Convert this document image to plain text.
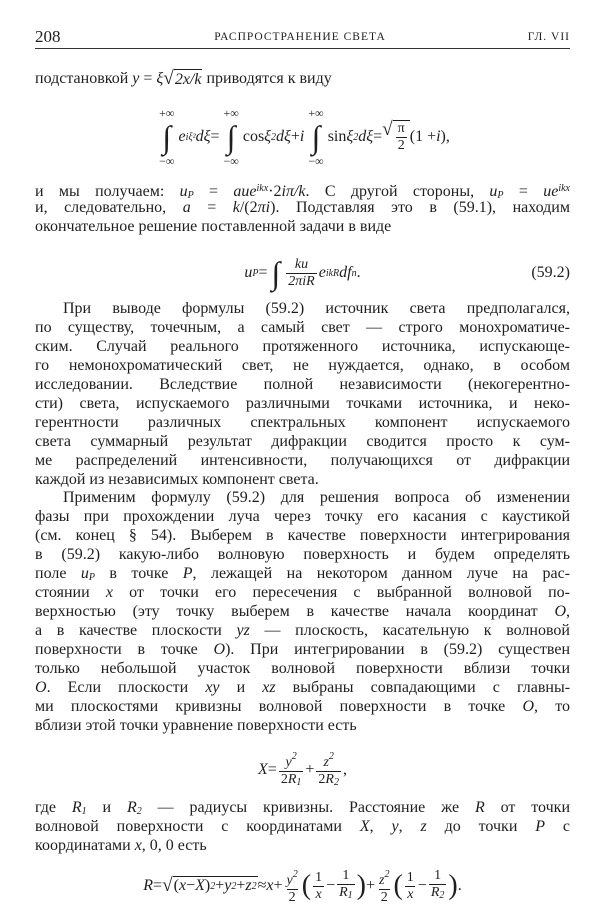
208	РАСПРОСТРАНЕНИЕ СВЕТА	ГЛ. VII
подстановкой y = ξ √ 2x/k приводятся к виду
+∞
∫
−∞
e iξ² dξ =
+∞
∫
−∞
cos ξ 2 dξ + i
+∞
∫
−∞
sin ξ 2 dξ = √ $\frac{\pi}{2} (1 + i$ ),
и мы получаем: $u_P = aue^{ikx}\cdot 2i\pi/k$. С другой стороны, $u_P = ue^{ikx}$
и, следовательно, a = k/(2πi). Подставляя это в (59.1), находим
окончательное решение поставленной задачи в виде
u P =
∫
$\frac{ku}{\text{2πiR}}$ e ikR df n .	(59.2)
При выводе формулы (59.2) источник света предполагался,
по существу, точечным, а самый свет — строго монохроматиче-
ским. Случай реального протяженного источника, испускающе-
го немонохроматический свет, не нуждается, однако, в особом
исследовании. Вследствие полной независимости (некогерентно-
сти) света, испускаемого различными точками источника, и неко-
герентности различных спектральных компонент испускаемого
света суммарный результат дифракции сводится просто к сум-
ме распределений интенсивности, получающихся от дифракции
каждой из независимых компонент света.
Применим формулу (59.2) для решения вопроса об изменении
фазы при прохождении луча через точку его касания с каустикой
(см. конец § 54). Выберем в качестве поверхности интегрирования
в (59.2) какую-либо волновую поверхность и будем определять
поле $u_P$ в точке P, лежащей на некотором данном луче на рас-
стоянии x от точки его пересечения с выбранной волновой по-
верхностью (эту точку выберем в качестве начала координат O,
а в качестве плоскости yz — плоскость, касательную к волновой
поверхности в точке O). При интегрировании в (59.2) существен
только небольшой участок волновой поверхности вблизи точки
O. Если плоскости xy и xz выбраны совпадающими с главны-
ми плоскостями кривизны волновой поверхности в точке O, то
вблизи этой точки уравнение поверхности есть
$X = \frac{y^2}{2R_1} + \frac{z^2}{2R_2}$ ,
где $R_1$ и $R_2$ — радиусы кривизны. Расстояние же R от точки
волновой поверхности с координатами X, y, z до точки P с
координатами x, 0, 0 есть
R = √ ( x − X ) 2 + y 2 + z $2 \approx x + \frac{y^2}{2}$ ( $\frac{1}{x} - \frac{1}{R_1}$ ) + $\frac{z^2}{2}$ ( $\frac{1}{x} - \frac{1}{R_2}$ ) .
